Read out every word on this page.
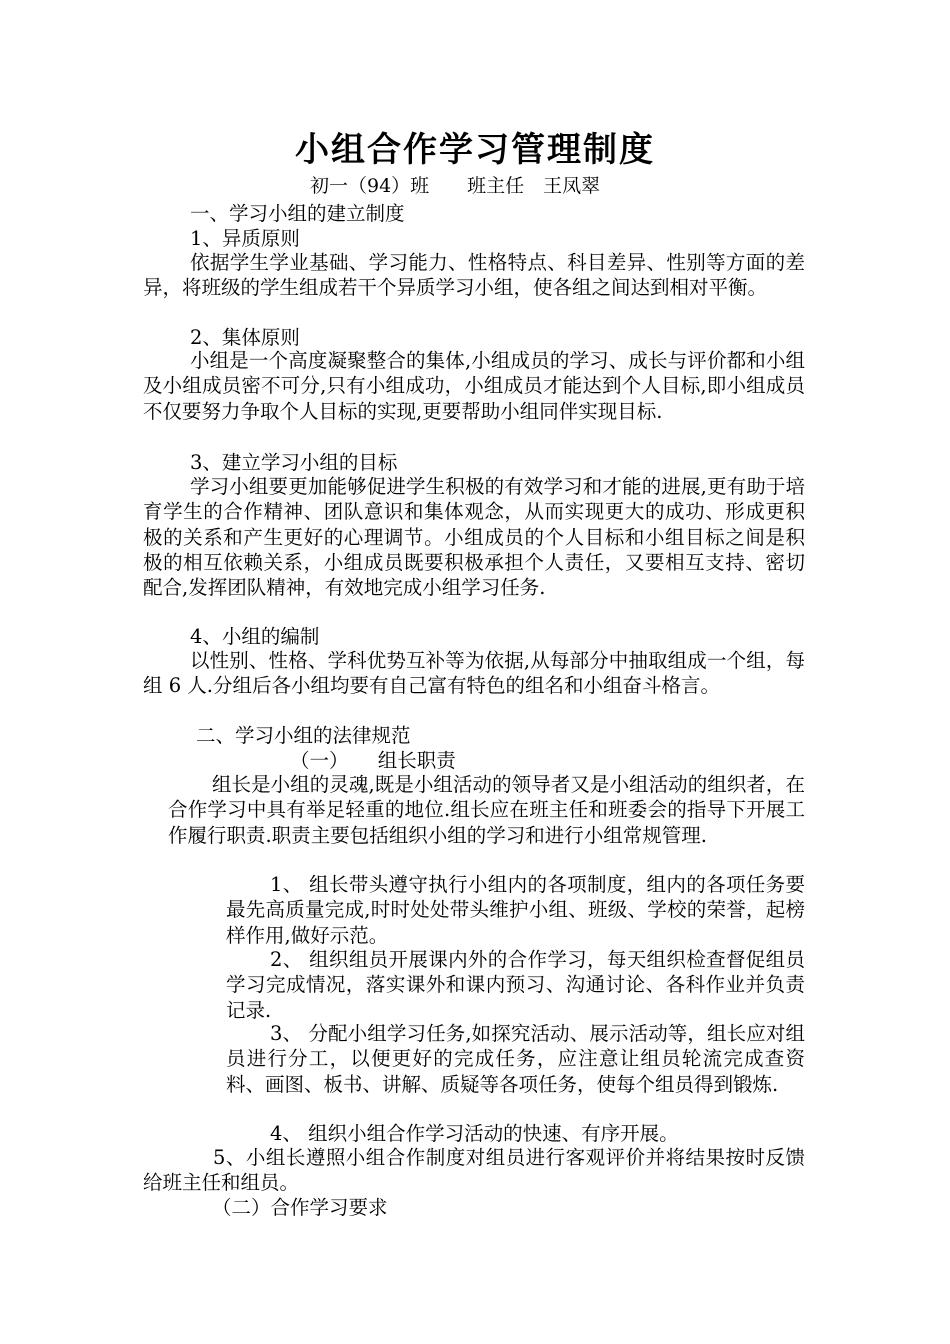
小组合作学习管理制度
初一（94）班　　班主任　王凤翠
一、学习小组的建立制度
1、异质原则
依据学生学业基础、学习能力、性格特点、科目差异、性别等方面的差异，将班级的学生组成若干个异质学习小组，使各组之间达到相对平衡。
2、集体原则
小组是一个高度凝聚整合的集体,小组成员的学习、成长与评价都和小组及小组成员密不可分,只有小组成功，小组成员才能达到个人目标,即小组成员不仅要努力争取个人目标的实现,更要帮助小组同伴实现目标.
3、建立学习小组的目标
学习小组要更加能够促进学生积极的有效学习和才能的进展,更有助于培育学生的合作精神、团队意识和集体观念，从而实现更大的成功、形成更积极的关系和产生更好的心理调节。小组成员的个人目标和小组目标之间是积极的相互依赖关系，小组成员既要积极承担个人责任，又要相互支持、密切配合,发挥团队精神，有效地完成小组学习任务.
4、小组的编制
以性别、性格、学科优势互补等为依据,从每部分中抽取组成一个组，每组 6 人.分组后各小组均要有自己富有特色的组名和小组奋斗格言。
二、学习小组的法律规范
（一）　　组长职责
组长是小组的灵魂,既是小组活动的领导者又是小组活动的组织者，在合作学习中具有举足轻重的地位.组长应在班主任和班委会的指导下开展工作履行职责.职责主要包括组织小组的学习和进行小组常规管理.
1、 组长带头遵守执行小组内的各项制度，组内的各项任务要最先高质量完成,时时处处带头维护小组、班级、学校的荣誉，起榜样作用,做好示范。
2、 组织组员开展课内外的合作学习，每天组织检查督促组员学习完成情况，落实课外和课内预习、沟通讨论、各科作业并负责记录.
3、 分配小组学习任务,如探究活动、展示活动等，组长应对组员进行分工，以便更好的完成任务，应注意让组员轮流完成查资料、画图、板书、讲解、质疑等各项任务，使每个组员得到锻炼.
4、 组织小组合作学习活动的快速、有序开展。
5、小组长遵照小组合作制度对组员进行客观评价并将结果按时反馈给班主任和组员。
（二）合作学习要求
